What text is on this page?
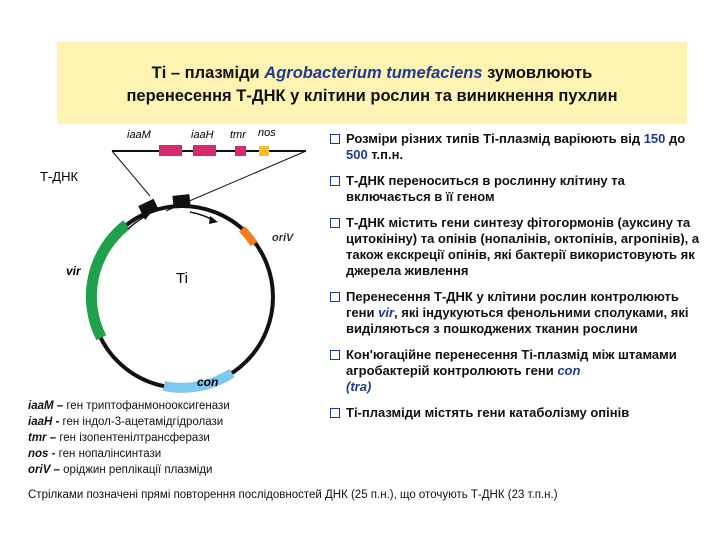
Ті – плазміди Agrobacterium tumefaciens зумовлюють
перенесення Т-ДНК у клітини рослин та виникнення пухлин
iaaM	iaaH tmr nos
Т-ДНК
oriV
vir	Ti
con
Розміри різних типів Ті-плазмід варіюють від 150 до 500 т.п.н.
Т-ДНК переноситься в рослинну клітину та включається в її геном
Т-ДНК містить гени синтезу фітогормонів (ауксину та цитокініну) та опінів (нопалінів, октопінів, агропінів), а також екскреції опінів, які бактерії використовують як джерела живлення
Перенесення Т-ДНК у клітини рослин контролюють гени vir, які індукуються фенольними сполуками, які виділяються з пошкоджених тканин рослини
Кон'югаційне перенесення Ті-плазмід між штамами агробактерій контролюють гени con
(tra)
Ті-плазміди містять гени катаболізму опінів
iaaM – ген триптофанмонооксигенази
iaaH - ген індол-3-ацетамідгідролази
tmr – ген ізопентенілтрансферази
nos - ген нопалінсинтази
oriV – оріджин реплікації плазміди
Стрілками позначені прямі повторення послідовностей ДНК (25 п.н.), що оточують Т-ДНК (23 т.п.н.)
